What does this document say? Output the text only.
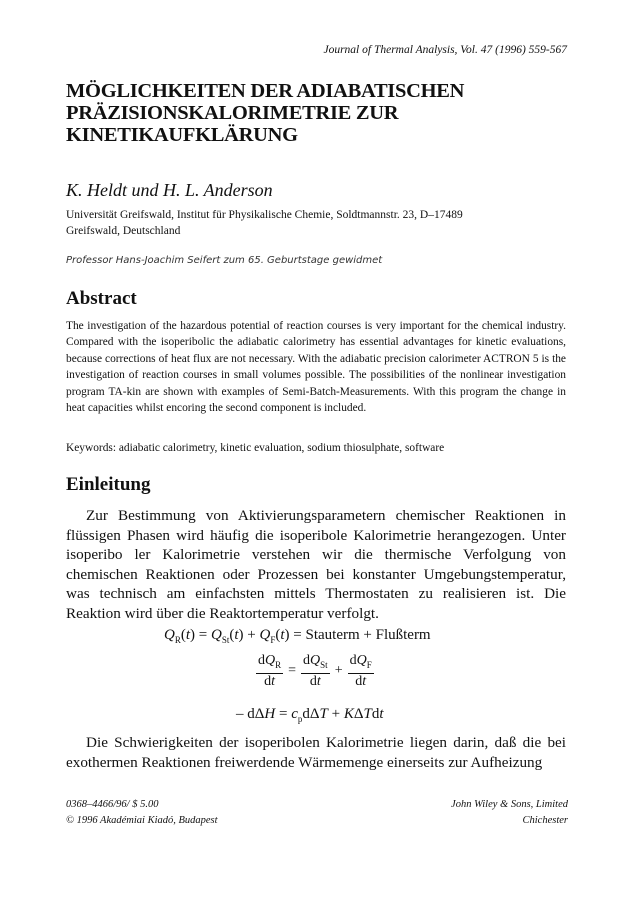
Journal of Thermal Analysis, Vol. 47 (1996) 559-567
MÖGLICHKEITEN DER ADIABATISCHEN
PRÄZISIONSKALORIMETRIE ZUR
KINETIKAUFKLÄRUNG
K. Heldt und H. L. Anderson
Universität Greifswald, Institut für Physikalische Chemie, Soldtmannstr. 23, D–17489
Greifswald, Deutschland
Professor Hans-Joachim Seifert zum 65. Geburtstage gewidmet
Abstract
The investigation of the hazardous potential of reaction courses is very important for the chemical industry. Compared with the isoperibolic the adiabatic calorimetry has essential advantages for kinetic evaluations, because corrections of heat flux are not necessary. With the adiabatic precision calorimeter ACTRON 5 is the investigation of reaction courses in small volumes possible. The possibilities of the nonlinear investigation program TA-kin are shown with examples of Semi-Batch-Measurements. With this program the change in heat capacities whilst encoring the second component is included.
Keywords: adiabatic calorimetry, kinetic evaluation, sodium thiosulphate, software
Einleitung
Zur Bestimmung von Aktivierungsparametern chemischer Reaktionen in flüssigen Phasen wird häufig die isoperibole Kalorimetrie herangezogen. Unter isoperibo ler Kalorimetrie verstehen wir die thermische Verfolgung von chemischen Reaktionen oder Prozessen bei konstanter Umgebungstemperatur, was technisch am einfachsten mittels Thermostaten zu realisieren ist. Die Reaktion wird über die Reaktortemperatur verfolgt.
$Q_R(t) = Q_{St}(t) + Q_F(t)$ = Stauterm + Flußterm
$\frac{dQ_R}{dt} = \frac{dQ_{St}}{dt} + \frac{dQ_F}{dt}$
– $d\Delta H = c_pd\Delta T + K\Delta Tdt$
Die Schwierigkeiten der isoperibolen Kalorimetrie liegen darin, daß die bei exothermen Reaktionen freiwerdende Wärmemenge einerseits zur Aufheizung
0368–4466/96/ $ 5.00
© 1996 Akadémiai Kiadó, Budapest
John Wiley & Sons, Limited
Chichester
